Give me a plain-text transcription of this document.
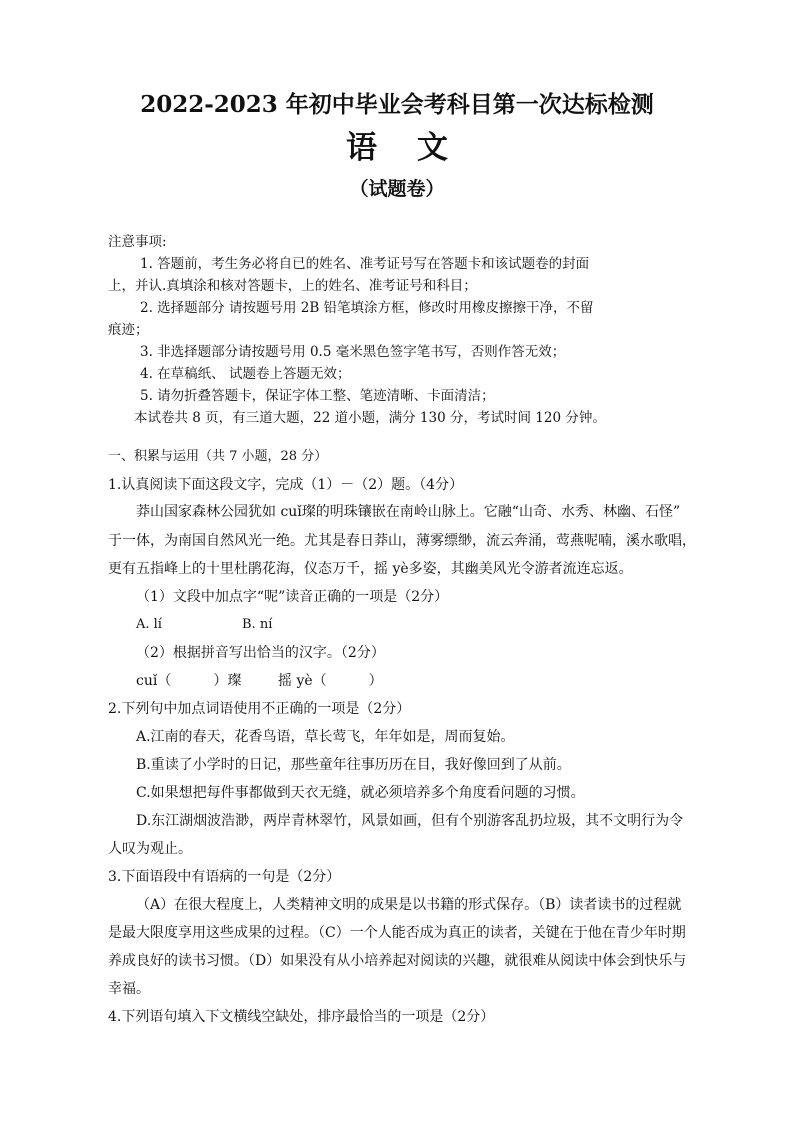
2022-2023 年初中毕业会考科目第一次达标检测
语文
（试题卷）
注意事项:
1. 答题前，考生务必将自已的姓名、准考证号写在答题卡和该试题卷的封面
上，并认.真填涂和核对答题卡，上的姓名、准考证号和科目；
2. 选择题部分 请按题号用 2B 铅笔填涂方框，修改时用橡皮擦擦干净，不留
痕迹；
3. 非选择题部分请按题号用 0.5 毫米黑色签字笔书写，否则作答无效；
4. 在草稿纸、 试题卷上答题无效；
5. 请勿折叠答题卡，保证字体工整、笔迹清晰、卡面清洁；
本试卷共 8 页，有三道大题，22 道小题，满分 130 分，考试时间 120 分钟。
一、积累与运用（共 7 小题，28 分）
1.认真阅读下面这段文字，完成（1）－（2）题。（4分）
莽山国家森林公园犹如 cuǐ璨的明珠镶嵌在南岭山脉上。它融“山奇、水秀、林幽、石怪”
于一体，为南国自然风光一绝。尤其是春日莽山，薄雾缥缈，流云奔涌，莺燕呢喃，溪水歌唱，
更有五指峰上的十里杜鹃花海，仪态万千，摇 yè多姿，其幽美风光令游者流连忘返。
（1）文段中加点字“呢”读音正确的一项是（2分）
A. lí	B. ní
（2）根据拼音写出恰当的汉字。（2分）
cuǐ（　　　）璨	摇 yè（　　　）
2.下列句中加点词语使用不正确的一项是（2分）
A.江南的春天，花香鸟语，草长莺飞，年年如是，周而复始。
B.重读了小学时的日记，那些童年往事历历在目，我好像回到了从前。
C.如果想把每件事都做到天衣无缝，就必须培养多个角度看问题的习惯。
D.东江湖烟波浩渺，两岸青林翠竹，风景如画，但有个别游客乱扔垃圾，其不文明行为令
人叹为观止。
3.下面语段中有语病的一句是（2分）
（A）在很大程度上，人类精神文明的成果是以书籍的形式保存。（B）读者读书的过程就
是最大限度享用这些成果的过程。（C）一个人能否成为真正的读者，关键在于他在青少年时期
养成良好的读书习惯。（D）如果没有从小培养起对阅读的兴趣，就很难从阅读中体会到快乐与
幸福。
4.下列语句填入下文横线空缺处，排序最恰当的一项是（2分）
